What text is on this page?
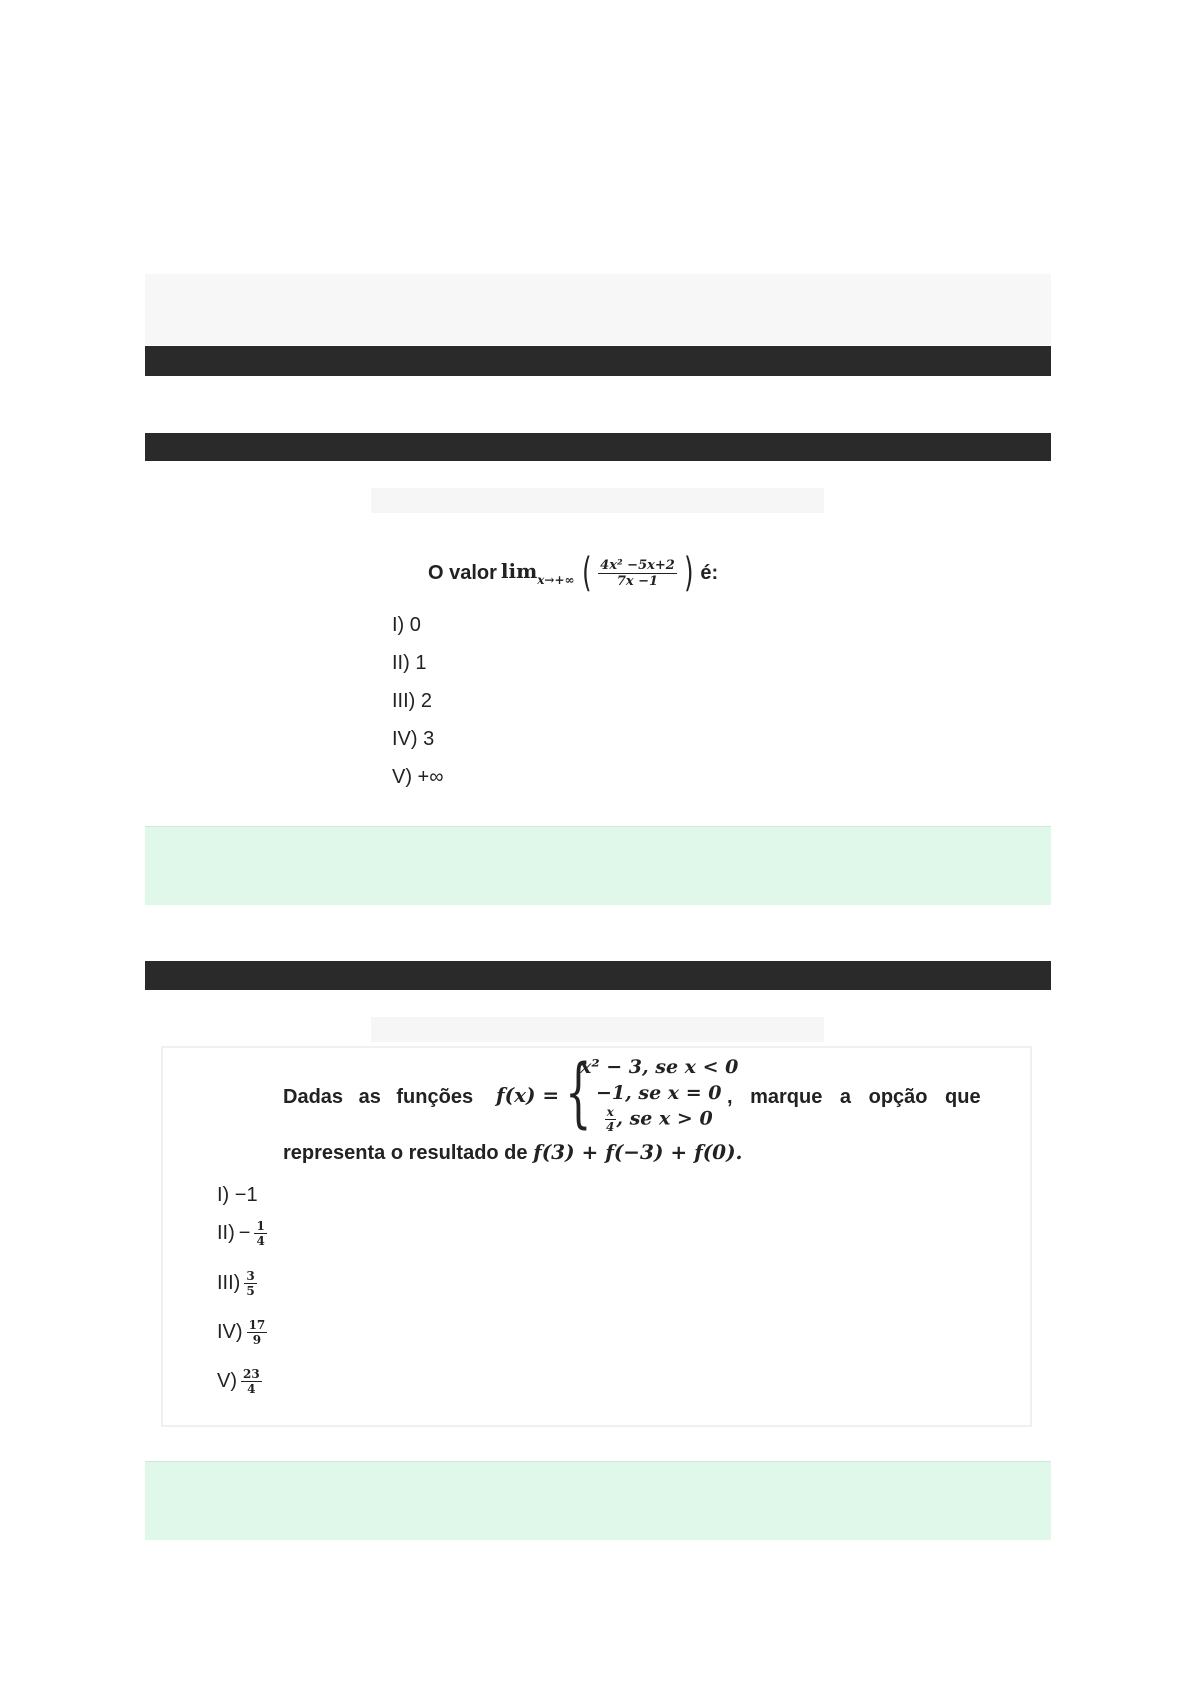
O valor $\lim_{x\to+\infty}$ ( $\frac{\text{4x² −5x+2}}{7x -1}$ ) é:
I) 0
II) 1
III) 2
IV) 3
V) +∞
Dadas as funções f(x) = {
x² − 3, se x < 0
−1, se x = 0
$\frac{x}{4}$ , se x > 0
, marque a opção que
representa o resultado de f(3) + f(−3) + f(0).
I) −1
$II) - \frac{1}{4}$
$III) \frac{3}{5}$
$IV) \frac{17}{9}$
$V) \frac{23}{4}$
